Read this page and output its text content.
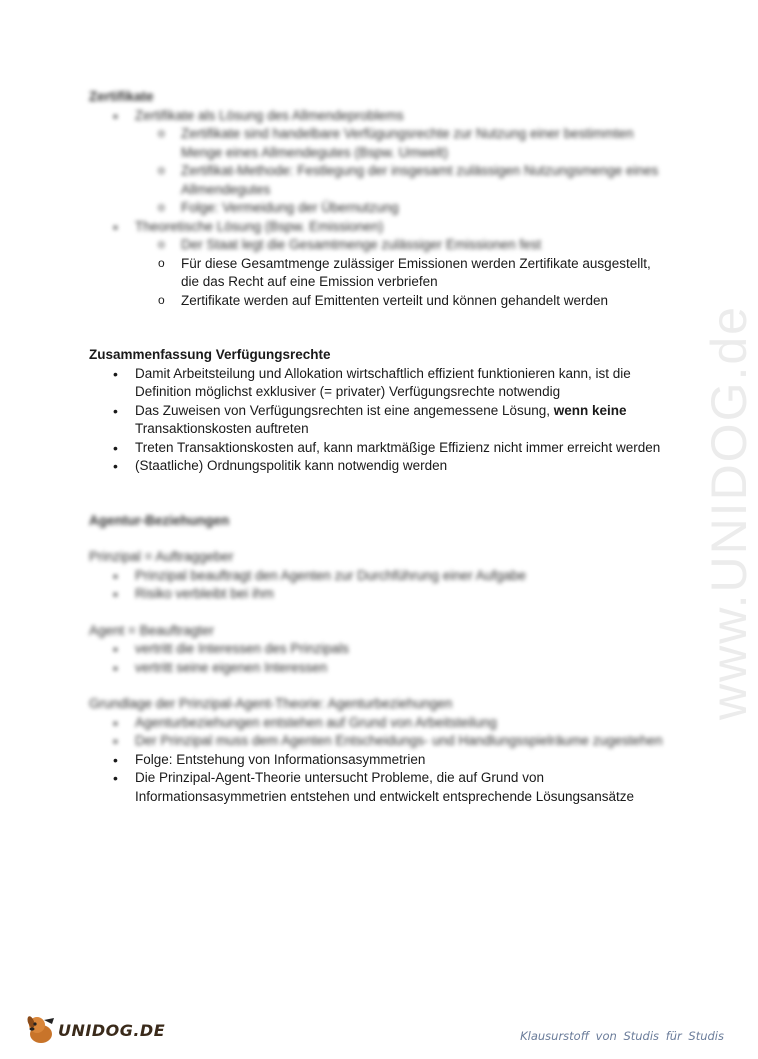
www.UNIDOG.de

Zertifikate

• Zertifikate als Lösung des Allmendeproblems
o Zertifikate sind handelbare Verfügungsrechte zur Nutzung einer bestimmten Menge eines Allmendegutes (Bspw. Umwelt)
o Zertifikat-Methode: Festlegung der insgesamt zulässigen Nutzungsmenge eines Allmendegutes
o Folge: Vermeidung der Übernutzung
• Theoretische Lösung (Bspw. Emissionen)
o Der Staat legt die Gesamtmenge zulässiger Emissionen fest
o Für diese Gesamtmenge zulässiger Emissionen werden Zertifikate ausgestellt, die das Recht auf eine Emission verbriefen
o Zertifikate werden auf Emittenten verteilt und können gehandelt werden

Zusammenfassung Verfügungsrechte

• Damit Arbeitsteilung und Allokation wirtschaftlich effizient funktionieren kann, ist die Definition möglichst exklusiver (= privater) Verfügungsrechte notwendig
• Das Zuweisen von Verfügungsrechten ist eine angemessene Lösung, wenn keine Transaktionskosten auftreten
• Treten Transaktionskosten auf, kann marktmäßige Effizienz nicht immer erreicht werden
• (Staatliche) Ordnungspolitik kann notwendig werden

Agentur-Beziehungen

Prinzipal = Auftraggeber

• Prinzipal beauftragt den Agenten zur Durchführung einer Aufgabe
• Risiko verbleibt bei ihm

Agent = Beauftragter

• vertritt die Interessen des Prinzipals
• vertritt seine eigenen Interessen

Grundlage der Prinzipal-Agent-Theorie: Agenturbeziehungen

• Agenturbeziehungen entstehen auf Grund von Arbeitsteilung
• Der Prinzipal muss dem Agenten Entscheidungs- und Handlungsspielräume zugestehen
• Folge: Entstehung von Informationsasymmetrien
• Die Prinzipal-Agent-Theorie untersucht Probleme, die auf Grund von Informationsasymmetrien entstehen und entwickelt entsprechende Lösungsansätze
UNIDOG.DE	Klausurstoff von Studis für Studis
